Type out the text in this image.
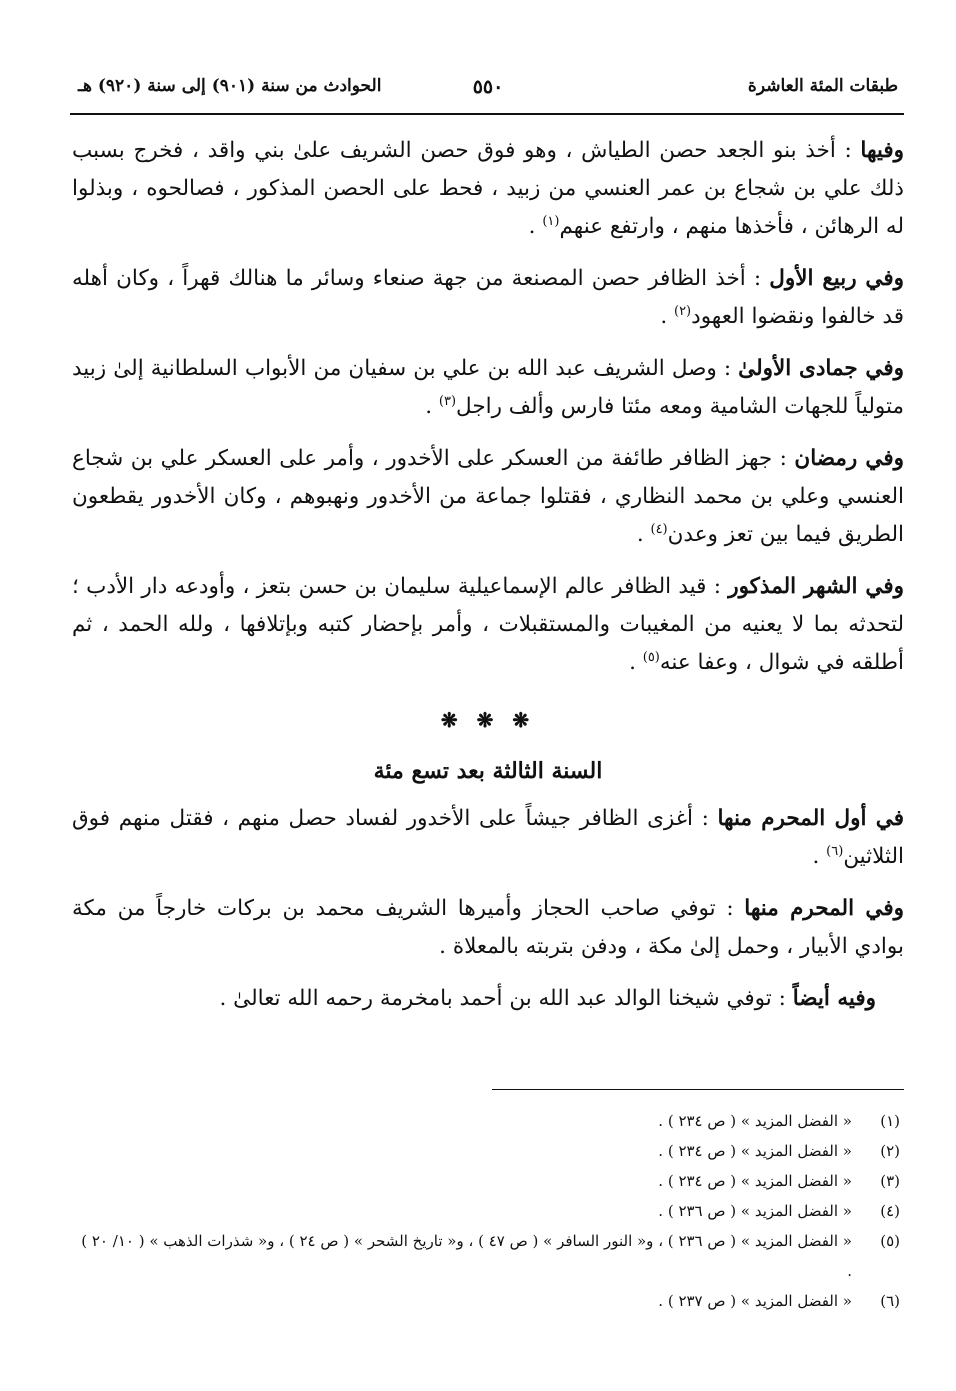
طبقات المئة العاشرة
٥٥٠
الحوادث من سنة (٩٠١) إلى سنة (٩٢٠) هـ

وفيها : أخذ بنو الجعد حصن الطياش ، وهو فوق حصن الشريف علىٰ بني واقد ، فخرج بسبب ذلك علي بن شجاع بن عمر العنسي من زبيد ، فحط على الحصن المذكور ، فصالحوه ، وبذلوا له الرهائن ، فأخذها منهم ، وارتفع عنهم$^{(١)}$ .

وفي ربيع الأول : أخذ الظافر حصن المصنعة من جهة صنعاء وسائر ما هنالك قهراً ، وكان أهله قد خالفوا ونقضوا العهود$^{(٢)}$ .

وفي جمادى الأولىٰ : وصل الشريف عبد الله بن علي بن سفيان من الأبواب السلطانية إلىٰ زبيد متولياً للجهات الشامية ومعه مئتا فارس وألف راجل$^{(٣)}$ .

وفي رمضان : جهز الظافر طائفة من العسكر على الأخدور ، وأمر على العسكر علي بن شجاع العنسي وعلي بن محمد النظاري ، فقتلوا جماعة من الأخدور ونهبوهم ، وكان الأخدور يقطعون الطريق فيما بين تعز وعدن$^{(٤)}$ .

وفي الشهر المذكور : قيد الظافر عالم الإسماعيلية سليمان بن حسن بتعز ، وأودعه دار الأدب ؛ لتحدثه بما لا يعنيه من المغيبات والمستقبلات ، وأمر بإحضار كتبه وبإتلافها ، ولله الحمد ، ثم أطلقه في شوال ، وعفا عنه$^{(٥)}$ .

❋ ❋ ❋
السنة الثالثة بعد تسع مئة

في أول المحرم منها : أغزى الظافر جيشاً على الأخدور لفساد حصل منهم ، فقتل منهم فوق الثلاثين$^{(٦)}$ .

وفي المحرم منها : توفي صاحب الحجاز وأميرها الشريف محمد بن بركات خارجاً من مكة بوادي الأبيار ، وحمل إلىٰ مكة ، ودفن بتربته بالمعلاة .

وفيه أيضاً : توفي شيخنا الوالد عبد الله بن أحمد بامخرمة رحمه الله تعالىٰ .

(١)
« الفضل المزيد » ( ص ٢٣٤ ) .
(٢)
« الفضل المزيد » ( ص ٢٣٤ ) .
(٣)
« الفضل المزيد » ( ص ٢٣٤ ) .
(٤)
« الفضل المزيد » ( ص ٢٣٦ ) .
(٥)
« الفضل المزيد » ( ص ٢٣٦ ) ، و« النور السافر » ( ص ٤٧ ) ، و« تاريخ الشحر » ( ص ٢٤ ) ، و« شذرات الذهب » ( ١٠/ ٢٠ ) .
(٦)
« الفضل المزيد » ( ص ٢٣٧ ) .
